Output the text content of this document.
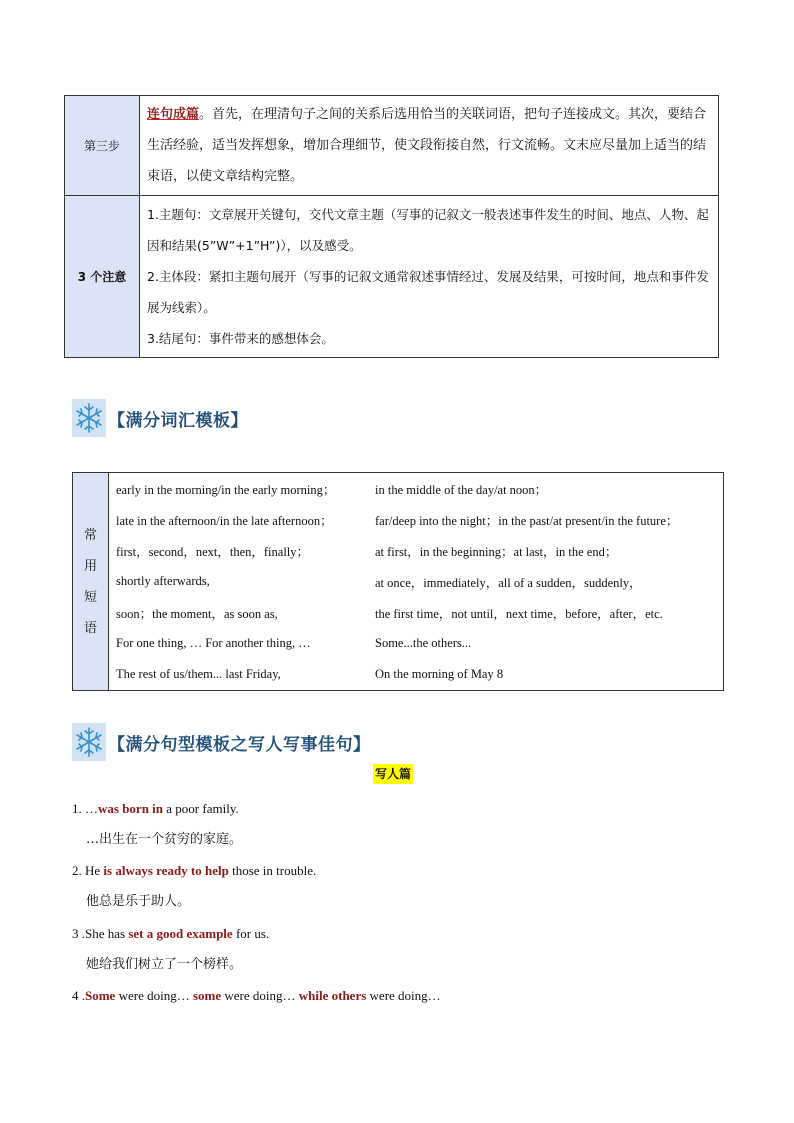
第三步	连句成篇。首先，在理清句子之间的关系后选用恰当的关联词语，把句子连接成文。其次，要结合生活经验，适当发挥想象，增加合理细节，使文段衔接自然，行文流畅。文末应尽量加上适当的结束语，以使文章结构完整。

3 个注意	1.主题句：文章展开关键句，交代文章主题（写事的记叙文一般表述事件发生的时间、地点、人物、起因和结果(5”W”+1”H”)），以及感受。
2.主体段：紧扣主题句展开（写事的记叙文通常叙述事情经过、发展及结果，可按时间，地点和事件发展为线索）。
3.结尾句：事件带来的感想体会。
【满分词汇模板】
常
用
短
语

early in the morning/in the early morning；	in the middle of the day/at noon；
late in the afternoon/in the late afternoon；	far/deep into the night；in the past/at present/in the future；
first，second，next，then，finally；	at first，in the beginning；at last，in the end；
shortly afterwards,	at once，immediately，all of a sudden，suddenly，
soon；the moment，as soon as,	the first time，not until，next time，before，after，etc.
For one thing, … For another thing, …	Some...the others...
The rest of us/them... last Friday,	On the morning of May 8
【满分句型模板之写人写事佳句】
写人篇
1. …was born in a poor family.
…出生在一个贫穷的家庭。
2. He is always ready to help those in trouble.
他总是乐于助人。
3 .She has set a good example for us.
她给我们树立了一个榜样。
4 .Some were doing… some were doing… while others were doing…
